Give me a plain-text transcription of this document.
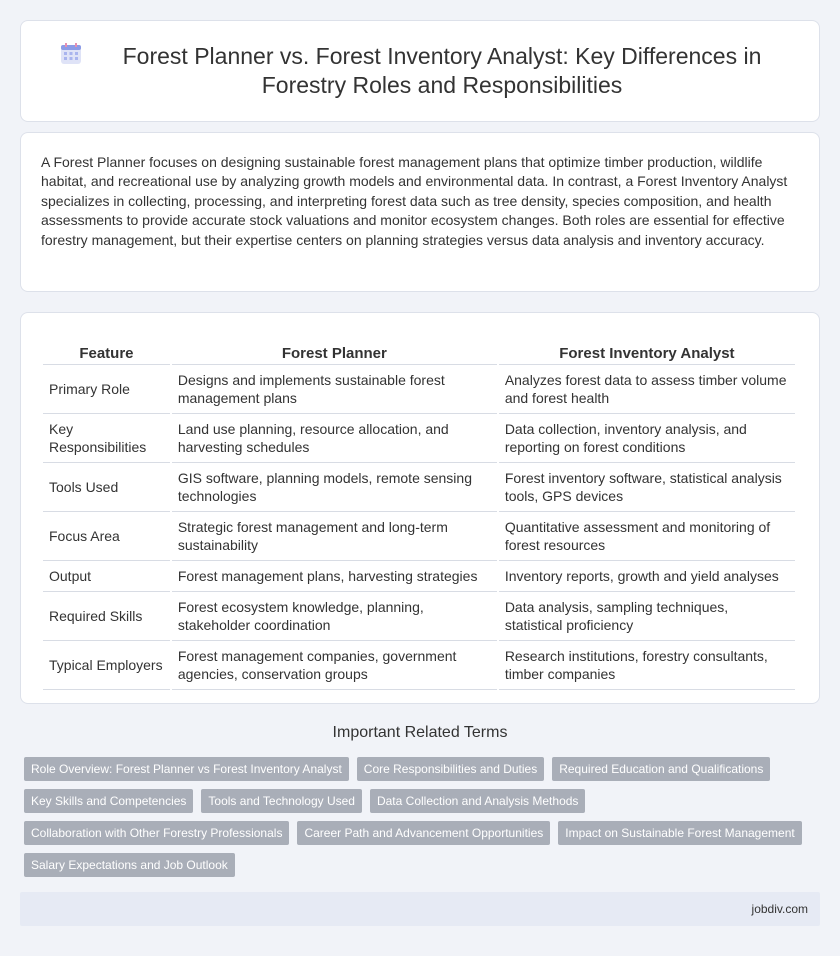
Forest Planner vs. Forest Inventory Analyst: Key Differences in Forestry Roles and Responsibilities

A Forest Planner focuses on designing sustainable forest management plans that optimize timber production, wildlife habitat, and recreational use by analyzing growth models and environmental data. In contrast, a Forest Inventory Analyst specializes in collecting, processing, and interpreting forest data such as tree density, species composition, and health assessments to provide accurate stock valuations and monitor ecosystem changes. Both roles are essential for effective forestry management, but their expertise centers on planning strategies versus data analysis and inventory accuracy.

Feature	Forest Planner	Forest Inventory Analyst
Primary Role	Designs and implements sustainable forest management plans	Analyzes forest data to assess timber volume and forest health
Key Responsibilities	Land use planning, resource allocation, and harvesting schedules	Data collection, inventory analysis, and reporting on forest conditions
Tools Used	GIS software, planning models, remote sensing technologies	Forest inventory software, statistical analysis tools, GPS devices
Focus Area	Strategic forest management and long-term sustainability	Quantitative assessment and monitoring of forest resources
Output	Forest management plans, harvesting strategies	Inventory reports, growth and yield analyses
Required Skills	Forest ecosystem knowledge, planning, stakeholder coordination	Data analysis, sampling techniques, statistical proficiency
Typical Employers	Forest management companies, government agencies, conservation groups	Research institutions, forestry consultants, timber companies
Important Related Terms
Role Overview: Forest Planner vs Forest Inventory Analyst	Core Responsibilities and Duties	Required Education and Qualifications
Key Skills and Competencies	Tools and Technology Used	Data Collection and Analysis Methods
Collaboration with Other Forestry Professionals	Career Path and Advancement Opportunities	Impact on Sustainable Forest Management
Salary Expectations and Job Outlook
jobdiv.com
